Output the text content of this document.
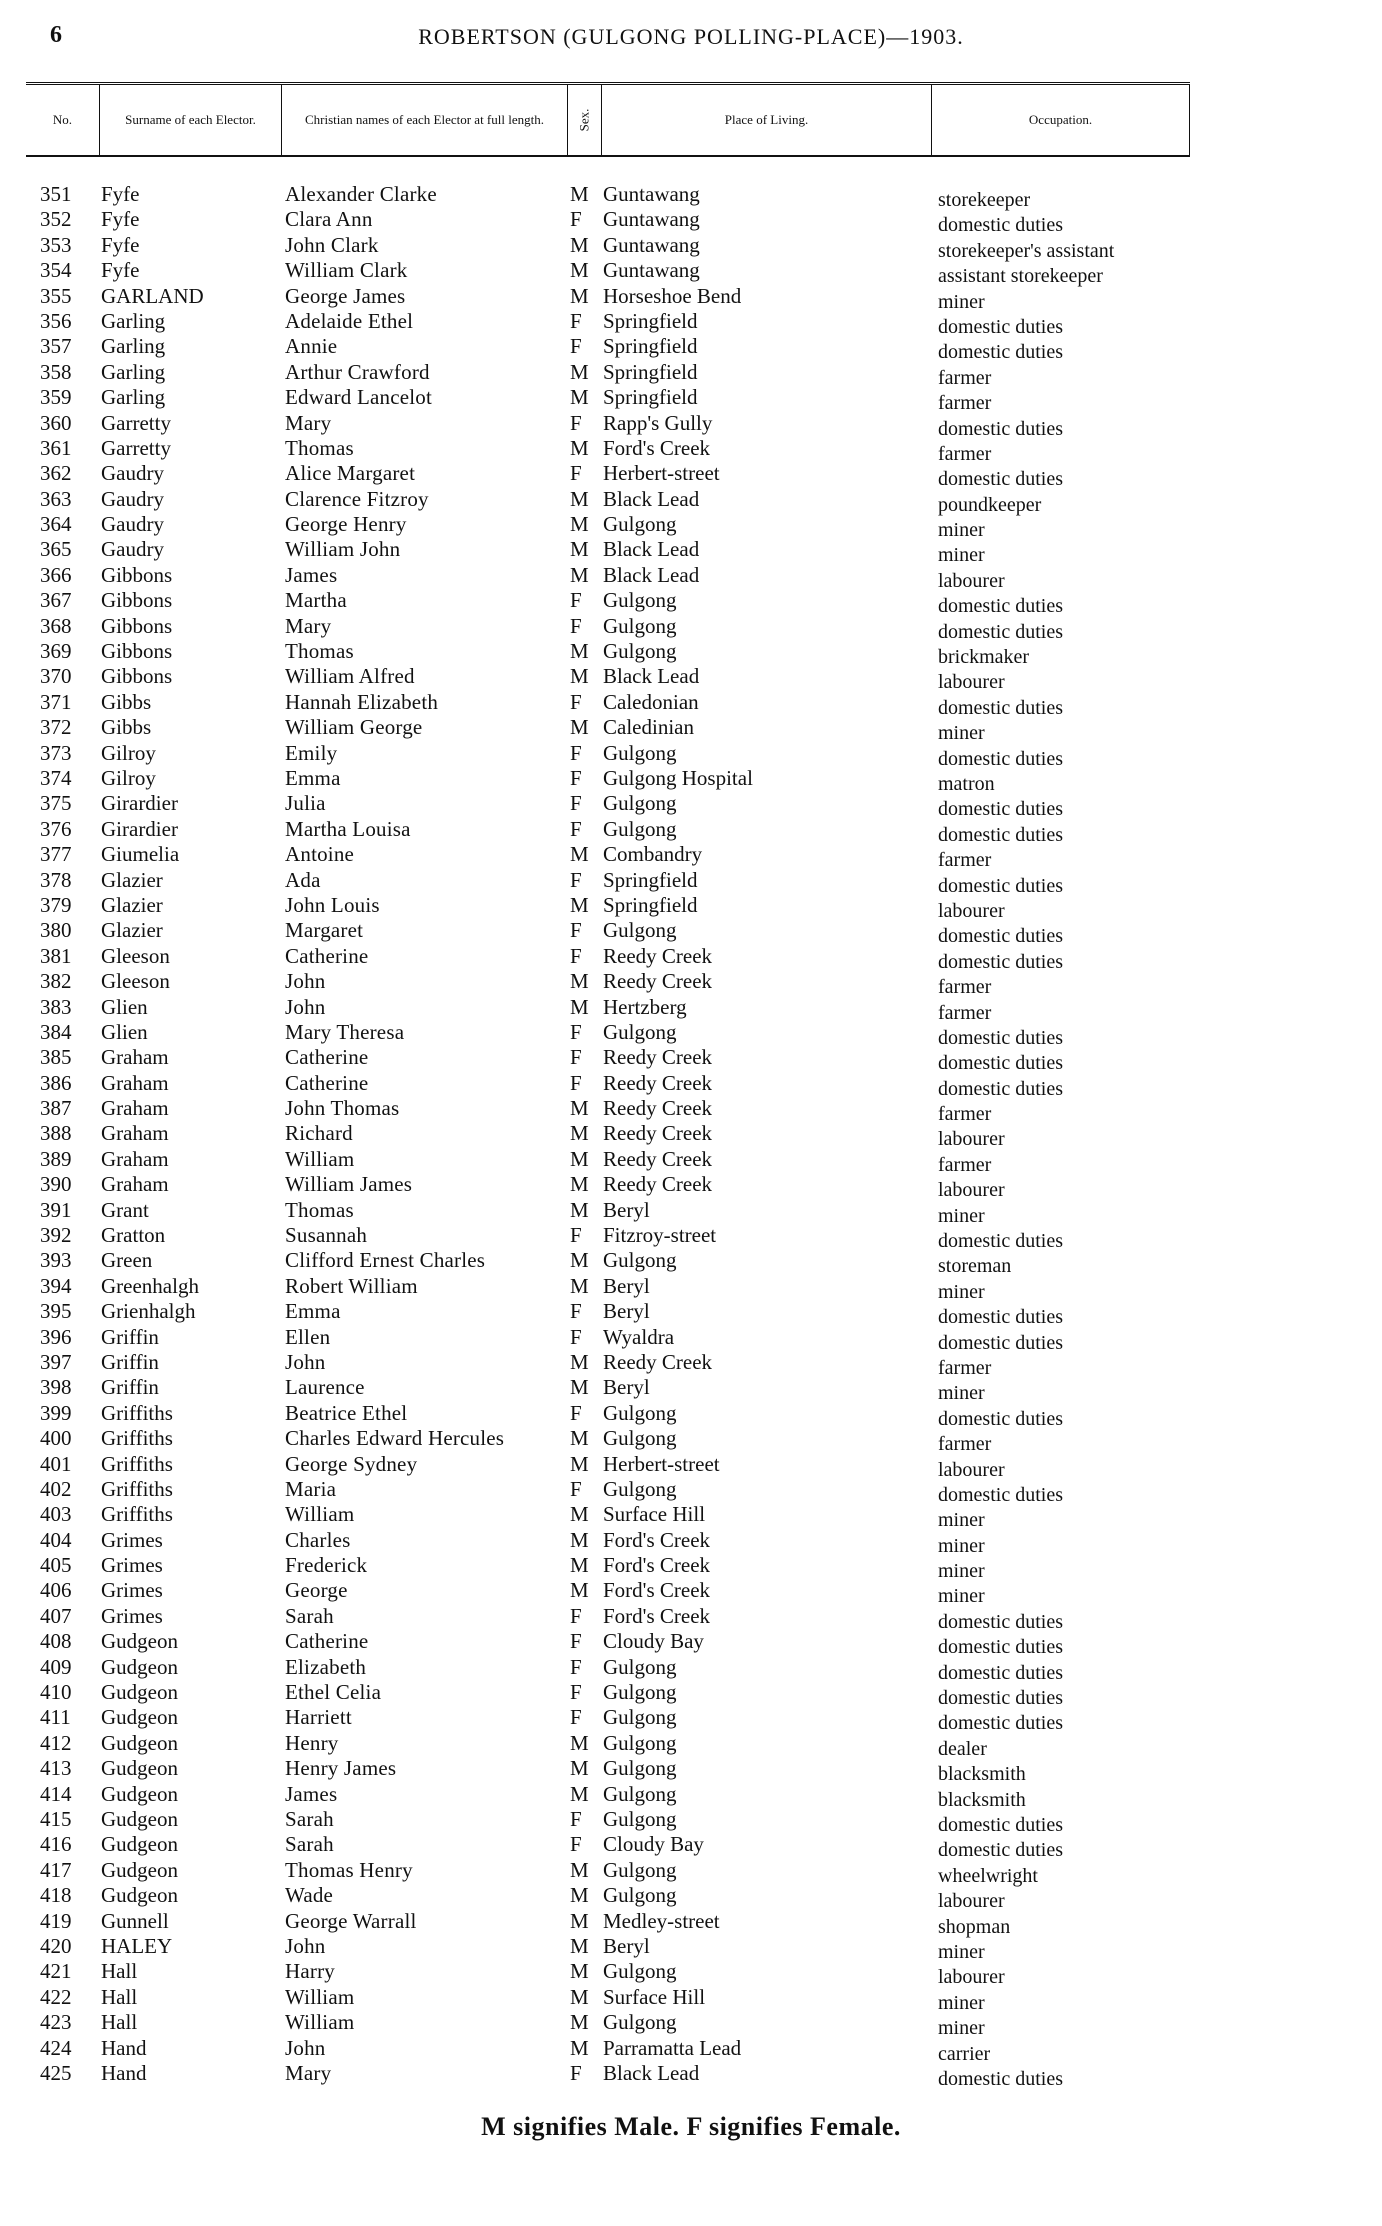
6	ROBERTSON (GULGONG POLLING-PLACE)—1903.
No.	Surname of each Elector.	Christian names of each Elector at full length.	Sex.	Place of Living.	Occupation.
351	Fyfe	Alexander Clarke	M Guntawang	storekeeper
352	Fyfe	Clara Ann	F	Guntawang	domestic duties
353	Fyfe	John Clark	M Guntawang	storekeeper's assistant
354	Fyfe	William Clark	M Guntawang	assistant storekeeper
355	GARLAND	George James	M Horseshoe Bend	miner
356	Garling	Adelaide Ethel	F	Springfield	domestic duties
357	Garling	Annie	F	Springfield	domestic duties
358	Garling	Arthur Crawford	M Springfield	farmer
359	Garling	Edward Lancelot	M Springfield	farmer
360	Garretty	Mary	F	Rapp's Gully	domestic duties
361	Garretty	Thomas	M Ford's Creek	farmer
362	Gaudry	Alice Margaret	F	Herbert-street	domestic duties
363	Gaudry	Clarence Fitzroy	M Black Lead	poundkeeper
364	Gaudry	George Henry	M Gulgong	miner
365	Gaudry	William John	M Black Lead	miner
366	Gibbons	James	M Black Lead	labourer
367	Gibbons	Martha	F	Gulgong	domestic duties
368	Gibbons	Mary	F	Gulgong	domestic duties
369	Gibbons	Thomas	M Gulgong	brickmaker
370	Gibbons	William Alfred	M Black Lead	labourer
371	Gibbs	Hannah Elizabeth	F	Caledonian	domestic duties
372	Gibbs	William George	M Caledinian	miner
373	Gilroy	Emily	F	Gulgong	domestic duties
374	Gilroy	Emma	F	Gulgong Hospital	matron
375	Girardier	Julia	F	Gulgong	domestic duties
376	Girardier	Martha Louisa	F	Gulgong	domestic duties
377	Giumelia	Antoine	M Combandry	farmer
378	Glazier	Ada	F	Springfield	domestic duties
379	Glazier	John Louis	M Springfield	labourer
380	Glazier	Margaret	F	Gulgong	domestic duties
381	Gleeson	Catherine	F	Reedy Creek	domestic duties
382	Gleeson	John	M Reedy Creek	farmer
383	Glien	John	M Hertzberg	farmer
384	Glien	Mary Theresa	F	Gulgong	domestic duties
385	Graham	Catherine	F	Reedy Creek	domestic duties
386	Graham	Catherine	F	Reedy Creek	domestic duties
387	Graham	John Thomas	M Reedy Creek	farmer
388	Graham	Richard	M Reedy Creek	labourer
389	Graham	William	M Reedy Creek	farmer
390	Graham	William James	M Reedy Creek	labourer
391	Grant	Thomas	M Beryl	miner
392	Gratton	Susannah	F	Fitzroy-street	domestic duties
393	Green	Clifford Ernest Charles	M Gulgong	storeman
394	Greenhalgh	Robert William	M Beryl	miner
395	Grienhalgh	Emma	F	Beryl	domestic duties
396	Griffin	Ellen	F	Wyaldra	domestic duties
397	Griffin	John	M Reedy Creek	farmer
398	Griffin	Laurence	M Beryl	miner
399	Griffiths	Beatrice Ethel	F	Gulgong	domestic duties
400	Griffiths	Charles Edward Hercules	M Gulgong	farmer
401	Griffiths	George Sydney	M Herbert-street	labourer
402	Griffiths	Maria	F	Gulgong	domestic duties
403	Griffiths	William	M Surface Hill	miner
404	Grimes	Charles	M Ford's Creek	miner
405	Grimes	Frederick	M Ford's Creek	miner
406	Grimes	George	M Ford's Creek	miner
407	Grimes	Sarah	F	Ford's Creek	domestic duties
408	Gudgeon	Catherine	F	Cloudy Bay	domestic duties
409	Gudgeon	Elizabeth	F	Gulgong	domestic duties
410	Gudgeon	Ethel Celia	F	Gulgong	domestic duties
411	Gudgeon	Harriett	F	Gulgong	domestic duties
412	Gudgeon	Henry	M Gulgong	dealer
413	Gudgeon	Henry James	M Gulgong	blacksmith
414	Gudgeon	James	M Gulgong	blacksmith
415	Gudgeon	Sarah	F	Gulgong	domestic duties
416	Gudgeon	Sarah	F	Cloudy Bay	domestic duties
417	Gudgeon	Thomas Henry	M Gulgong	wheelwright
418	Gudgeon	Wade	M Gulgong	labourer
419	Gunnell	George Warrall	M Medley-street	shopman
420	HALEY	John	M Beryl	miner
421	Hall	Harry	M Gulgong	labourer
422	Hall	William	M Surface Hill	miner
423	Hall	William	M Gulgong	miner
424	Hand	John	M Parramatta Lead	carrier
425	Hand	Mary	F	Black Lead	domestic duties
M signifies Male. F signifies Female.
